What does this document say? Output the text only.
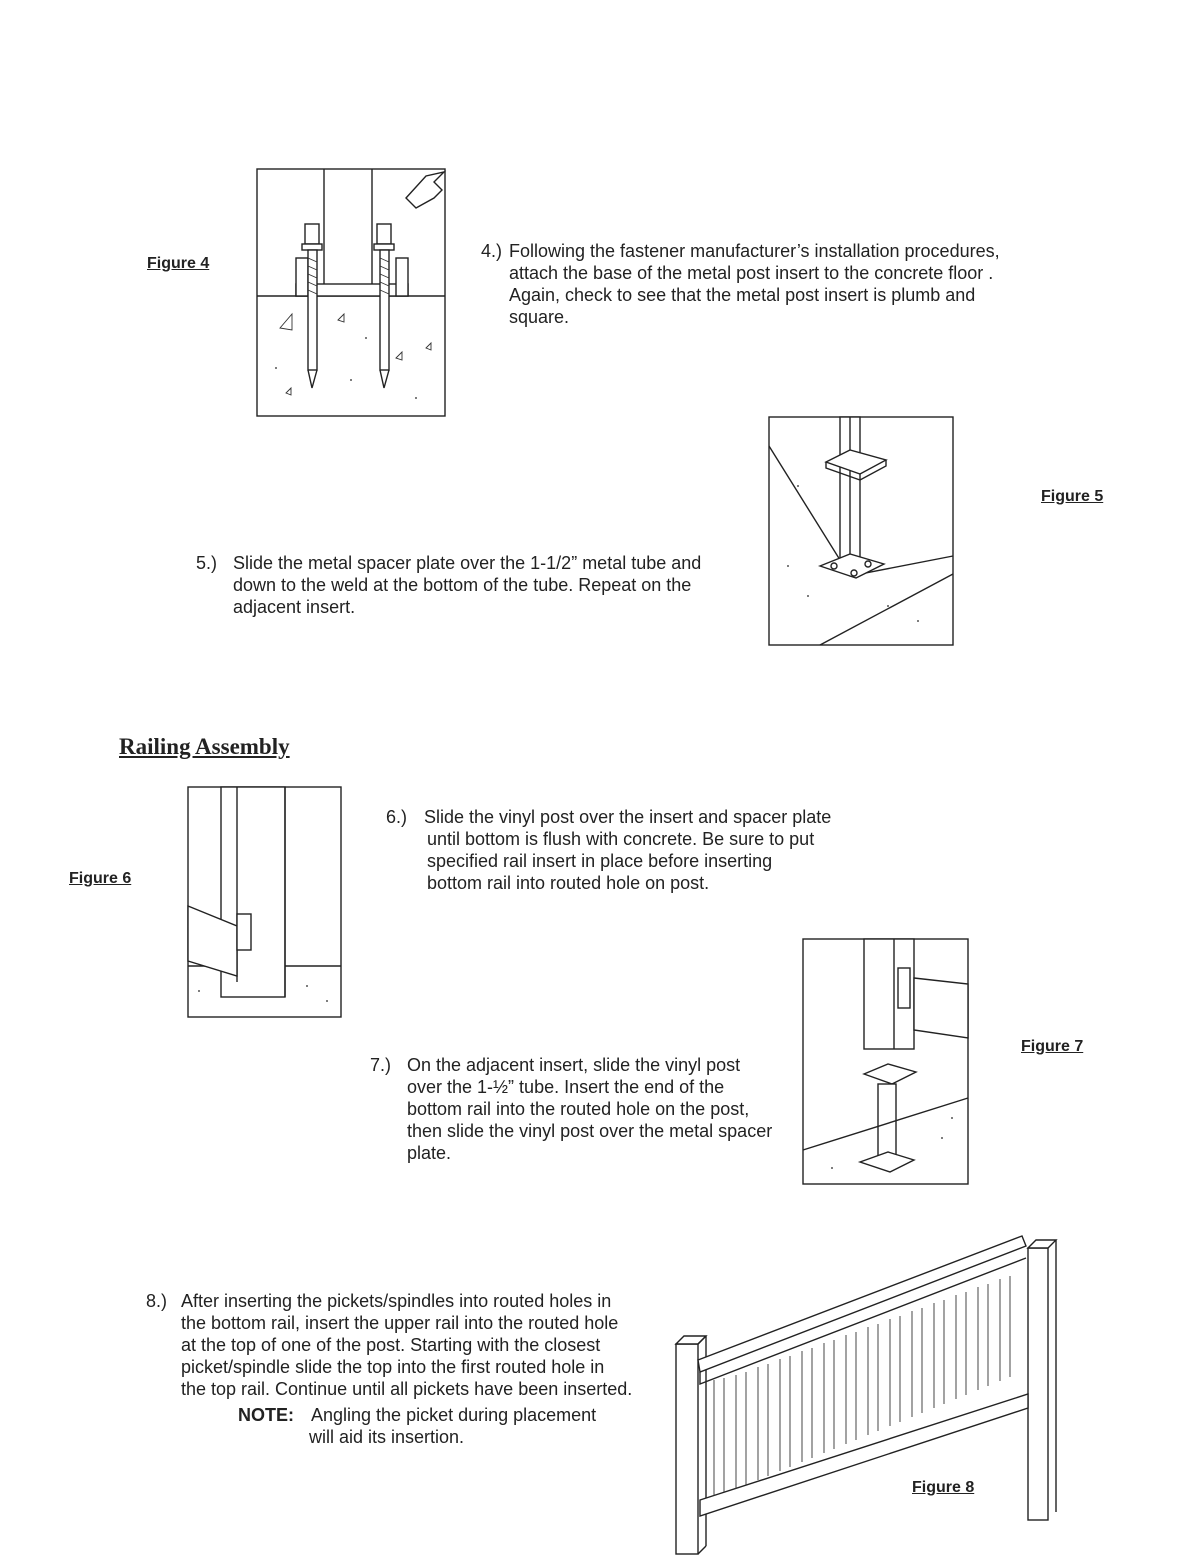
Figure 4
Figure 5
Figure 6
Figure 7
Figure 8
Railing Assembly
4.) Following the fastener manufacturer’s installation procedures,
attach the base of the metal post insert to the concrete floor .
Again, check to see that the metal post insert is plumb and
square.
5.) Slide the metal spacer plate over the 1-1/2” metal tube and
down to the weld at the bottom of the tube. Repeat on the
adjacent insert.
6.) Slide the vinyl post over the insert and spacer plate
until bottom is flush with concrete. Be sure to put
specified rail insert in place before inserting
bottom rail into routed hole on post.
7.) On the adjacent insert, slide the vinyl post
over the 1-½” tube. Insert the end of the
bottom rail into the routed hole on the post,
then slide the vinyl post over the metal spacer
plate.
8.) After inserting the pickets/spindles into routed holes in
the bottom rail, insert the upper rail into the routed hole
at the top of one of the post. Starting with the closest
picket/spindle slide the top into the first routed hole in
the top rail. Continue until all pickets have been inserted.
NOTE: Angling the picket during placement
will aid its insertion.
